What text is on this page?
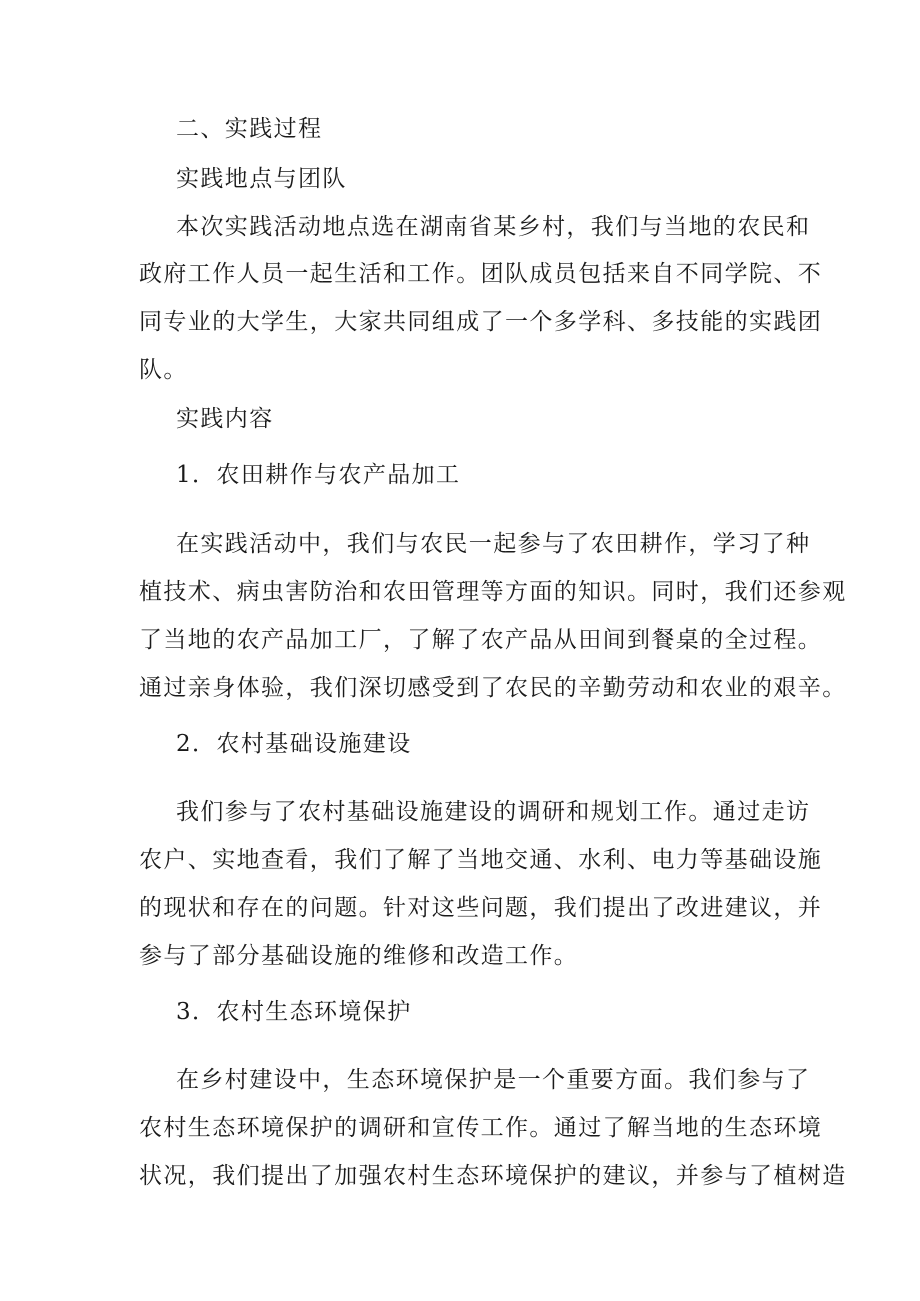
二、实践过程
实践地点与团队
本次实践活动地点选在湖南省某乡村，我们与当地的农民和
政府工作人员一起生活和工作。团队成员包括来自不同学院、不
同专业的大学生，大家共同组成了一个多学科、多技能的实践团
队。
实践内容
1．农田耕作与农产品加工
在实践活动中，我们与农民一起参与了农田耕作，学习了种
植技术、病虫害防治和农田管理等方面的知识。同时，我们还参观
了当地的农产品加工厂，了解了农产品从田间到餐桌的全过程。
通过亲身体验，我们深切感受到了农民的辛勤劳动和农业的艰辛。
2．农村基础设施建设
我们参与了农村基础设施建设的调研和规划工作。通过走访
农户、实地查看，我们了解了当地交通、水利、电力等基础设施
的现状和存在的问题。针对这些问题，我们提出了改进建议，并
参与了部分基础设施的维修和改造工作。
3．农村生态环境保护
在乡村建设中，生态环境保护是一个重要方面。我们参与了
农村生态环境保护的调研和宣传工作。通过了解当地的生态环境
状况，我们提出了加强农村生态环境保护的建议，并参与了植树造
